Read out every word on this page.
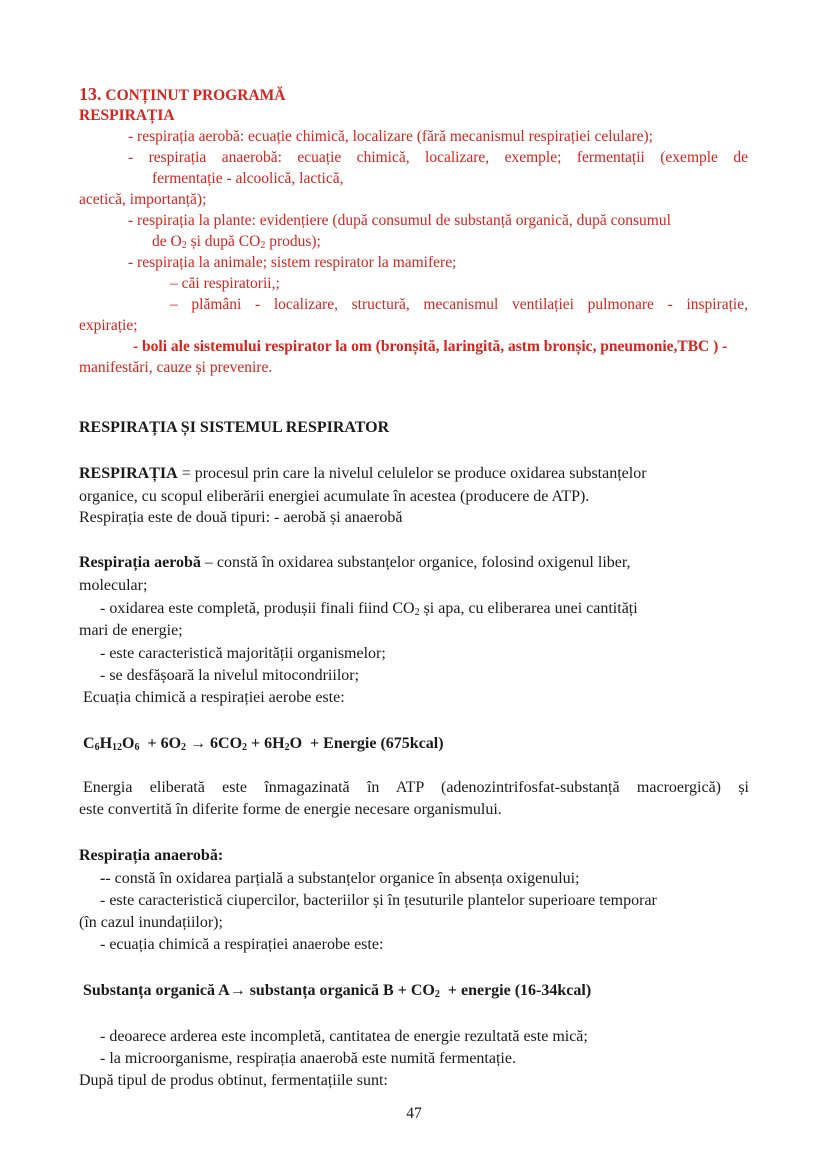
13. CONȚINUT PROGRAMĂ
RESPIRAȚIA
- respirația aerobă: ecuație chimică, localizare (fără mecanismul respirației celulare);
- respirația anaerobă: ecuație chimică, localizare, exemple; fermentații (exemple de
fermentație - alcoolică, lactică,
acetică, importanță);
- respirația la plante: evidențiere (după consumul de substanță organică, după consumul
de $O_2$ și după $CO_2$ produs);
- respirația la animale; sistem respirator la mamifere;
– căi respiratorii,;
– plămâni - localizare, structură, mecanismul ventilației pulmonare - inspirație,
expirație;
- boli ale sistemului respirator la om (bronșită, laringită, astm bronșic, pneumonie,TBC ) -
manifestări, cauze și prevenire.
RESPIRAȚIA ȘI SISTEMUL RESPIRATOR
RESPIRAȚIA = procesul prin care la nivelul celulelor se produce oxidarea substanțelor
organice, cu scopul eliberării energiei acumulate în acestea (producere de ATP).
Respirația este de două tipuri: - aerobă și anaerobă
Respirația aerobă – constă în oxidarea substanțelor organice, folosind oxigenul liber,
molecular;
- oxidarea este completă, produșii finali fiind $CO_2$ și apa, cu eliberarea unei cantități
mari de energie;
- este caracteristică majorității organismelor;
- se desfășoară la nivelul mitocondriilor;
Ecuația chimică a respirației aerobe este:
$C_6H_{12}O_6 + 6O_2 \to 6CO_2 + 6H_2O$  + Energie (675kcal)
Energia eliberată este înmagazinată în ATP (adenozintrifosfat-substanță macroergică) și
este convertită în diferite forme de energie necesare organismului.
Respirația anaerobă:
-- constă în oxidarea parțială a substanțelor organice în absența oxigenului;
- este caracteristică ciupercilor, bacteriilor și în țesuturile plantelor superioare temporar
(în cazul inundațiilor);
- ecuația chimică a respirației anaerobe este:
Substanța organică A→ substanța organică $B + CO_2$  + energie (16-34kcal)
- deoarece arderea este incompletă, cantitatea de energie rezultată este mică;
- la microorganisme, respirația anaerobă este numită fermentație.
După tipul de produs obtinut, fermentațiile sunt:
47
